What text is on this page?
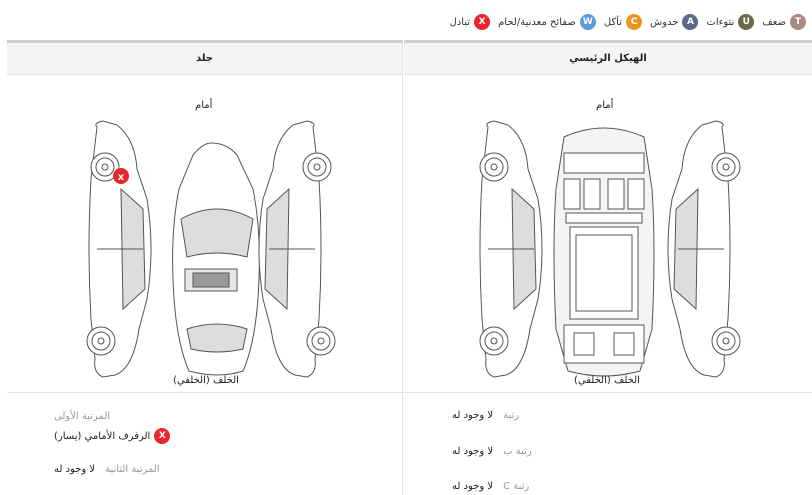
T
ضعف
U
نتوءات
A
خدوش
C
تآكل
W
صفائح معدنية/لحام
X
تبادل
جلد
أمام
x
الخلف (الخلفي)
المرتبة الأولى
X
الرفرف الأمامي (يسار)
المرتبة الثانية
لا وجود له
الهيكل الرئيسي
أمام
الخلف (الخلفي)
رتبة
لا وجود له
رتبة ب
لا وجود له
رتبة C
لا وجود له
